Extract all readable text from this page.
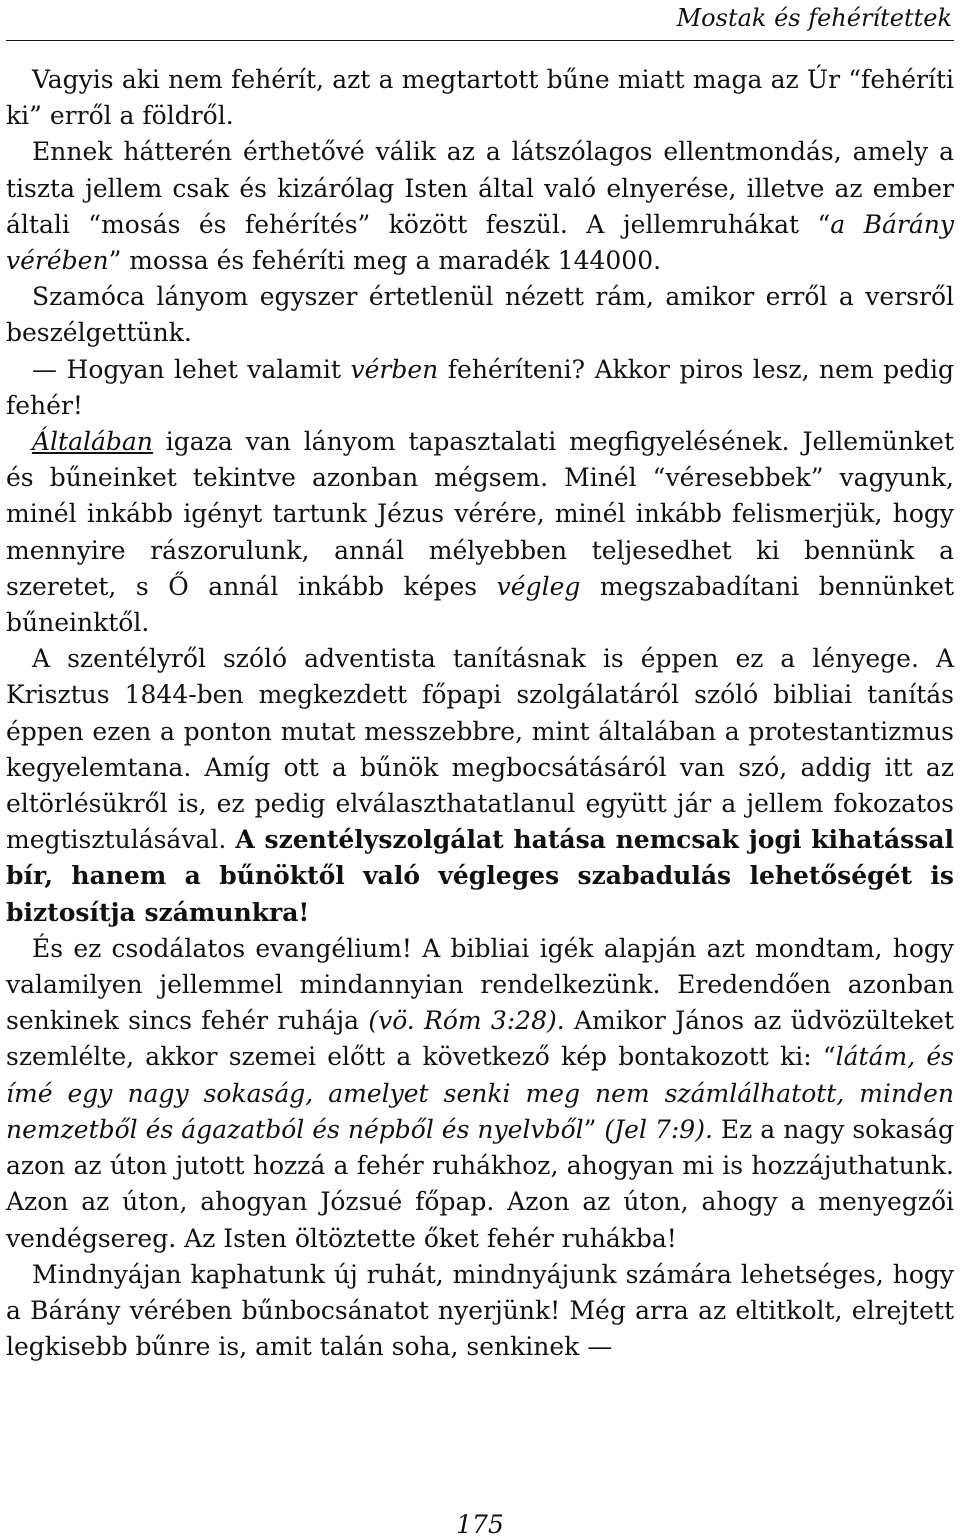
Mostak és fehérítettek

Vagyis aki nem fehérít, azt a megtartott bűne miatt maga az Úr “fehéríti ki” erről a földről.

Ennek hátterén érthetővé válik az a látszólagos ellentmondás, amely a tiszta jellem csak és kizárólag Isten által való elnyerése, illetve az ember általi “mosás és fehérítés” között feszül. A jellemruhákat “a Bárány vérében” mossa és fehéríti meg a maradék 144000.

Szamóca lányom egyszer értetlenül nézett rám, amikor erről a versről beszélgettünk.

— Hogyan lehet valamit vérben fehéríteni? Akkor piros lesz, nem pedig fehér!

Általában igaza van lányom tapasztalati megfigyelésének. Jellemünket és bűneinket tekintve azonban mégsem. Minél “véresebbek” vagyunk, minél inkább igényt tartunk Jézus vérére, minél inkább felismerjük, hogy mennyire rászorulunk, annál mélyebben teljesedhet ki bennünk a szeretet, s Ő annál inkább képes végleg megszabadítani bennünket bűneinktől.

A szentélyről szóló adventista tanításnak is éppen ez a lényege. A Krisztus 1844-ben megkezdett főpapi szolgálatáról szóló bibliai tanítás éppen ezen a ponton mutat messzebbre, mint általában a protestantizmus kegyelemtana. Amíg ott a bűnök megbocsátásáról van szó, addig itt az eltörlésükről is, ez pedig elválaszthatatlanul együtt jár a jellem fokozatos megtisztulásával. A szentélyszolgálat hatása nemcsak jogi kihatással bír, hanem a bűnöktől való végleges szabadulás lehetőségét is biztosítja számunkra!

És ez csodálatos evangélium! A bibliai igék alapján azt mondtam, hogy valamilyen jellemmel mindannyian rendelkezünk. Eredendően azonban senkinek sincs fehér ruhája (vö. Róm 3:28). Amikor János az üdvözülteket szemlélte, akkor szemei előtt a következő kép bontakozott ki: “látám, és ímé egy nagy sokaság, amelyet senki meg nem számlálhatott, minden nemzetből és ágazatból és népből és nyelvből” (Jel 7:9). Ez a nagy sokaság azon az úton jutott hozzá a fehér ruhákhoz, ahogyan mi is hozzájuthatunk. Azon az úton, ahogyan Józsué főpap. Azon az úton, ahogy a menyegzői vendégsereg. Az Isten öltöztette őket fehér ruhákba!

Mindnyájan kaphatunk új ruhát, mindnyájunk számára lehetséges, hogy a Bárány vérében bűnbocsánatot nyerjünk! Még arra az eltitkolt, elrejtett legkisebb bűnre is, amit talán soha, senkinek —

175
